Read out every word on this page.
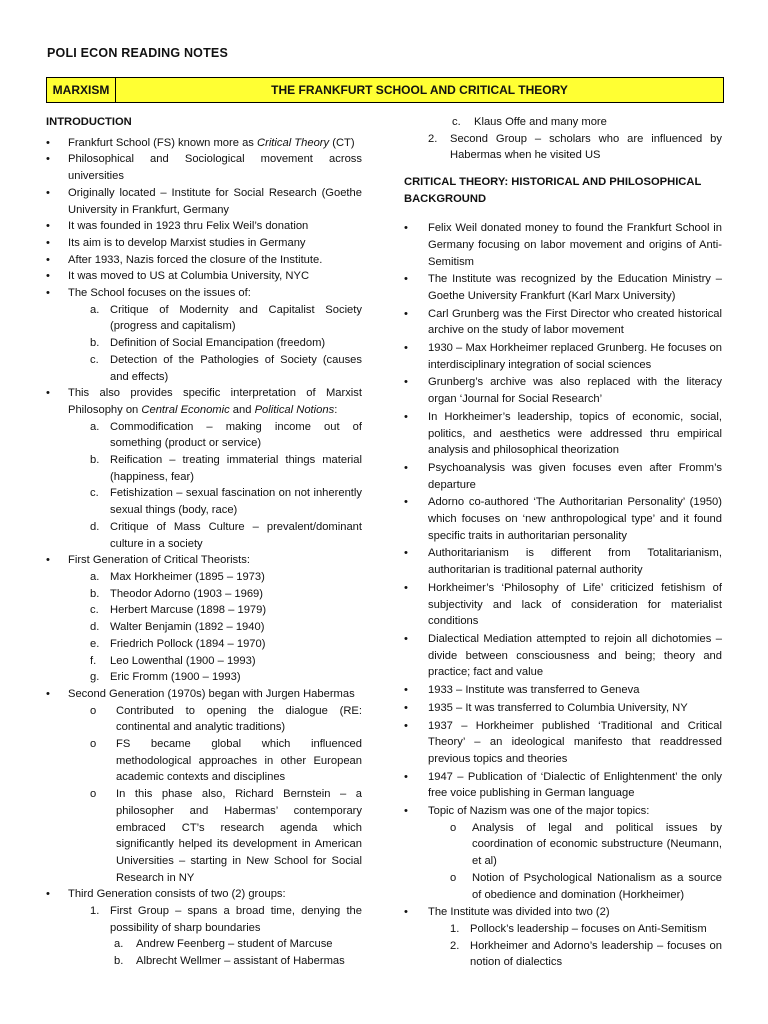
POLI ECON READING NOTES
MARXISM	THE FRANKFURT SCHOOL AND CRITICAL THEORY
INTRODUCTION
• Frankfurt School (FS) known more as Critical Theory (CT)
• Philosophical and Sociological movement across universities
• Originally located – Institute for Social Research (Goethe University in Frankfurt, Germany
• It was founded in 1923 thru Felix Weil’s donation
• Its aim is to develop Marxist studies in Germany
• After 1933, Nazis forced the closure of the Institute.
• It was moved to US at Columbia University, NYC
• The School focuses on the issues of:
a. Critique of Modernity and Capitalist Society (progress and capitalism)
b. Definition of Social Emancipation (freedom)
c. Detection of the Pathologies of Society (causes and effects)
• This also provides specific interpretation of Marxist Philosophy on Central Economic and Political Notions:
a. Commodification – making income out of something (product or service)
b. Reification – treating immaterial things material (happiness, fear)
c. Fetishization – sexual fascination on not inherently sexual things (body, race)
d. Critique of Mass Culture – prevalent/dominant culture in a society
• First Generation of Critical Theorists:
a. Max Horkheimer (1895 – 1973)
b. Theodor Adorno (1903 – 1969)
c. Herbert Marcuse (1898 – 1979)
d. Walter Benjamin (1892 – 1940)
e. Friedrich Pollock (1894 – 1970)
f. Leo Lowenthal (1900 – 1993)
g. Eric Fromm (1900 – 1993)
• Second Generation (1970s) began with Jurgen Habermas
o Contributed to opening the dialogue (RE: continental and analytic traditions)
o FS became global which influenced methodological approaches in other European academic contexts and disciplines
o In this phase also, Richard Bernstein – a philosopher and Habermas’ contemporary embraced CT’s research agenda which significantly helped its development in American Universities – starting in New School for Social Research in NY
• Third Generation consists of two (2) groups:
1. First Group – spans a broad time, denying the possibility of sharp boundaries
a. Andrew Feenberg – student of Marcuse
b. Albrecht Wellmer – assistant of Habermas
c. Klaus Offe and many more
2. Second Group – scholars who are influenced by Habermas when he visited US
CRITICAL THEORY: HISTORICAL AND PHILOSOPHICAL BACKGROUND
• Felix Weil donated money to found the Frankfurt School in Germany focusing on labor movement and origins of Anti-Semitism
• The Institute was recognized by the Education Ministry – Goethe University Frankfurt (Karl Marx University)
• Carl Grunberg was the First Director who created historical archive on the study of labor movement
• 1930 – Max Horkheimer replaced Grunberg. He focuses on interdisciplinary integration of social sciences
• Grunberg’s archive was also replaced with the literacy organ ‘Journal for Social Research’
• In Horkheimer’s leadership, topics of economic, social, politics, and aesthetics were addressed thru empirical analysis and philosophical theorization
• Psychoanalysis was given focuses even after Fromm’s departure
• Adorno co-authored ‘The Authoritarian Personality’ (1950) which focuses on ‘new anthropological type’ and it found specific traits in authoritarian personality
• Authoritarianism is different from Totalitarianism, authoritarian is traditional paternal authority
• Horkheimer’s ‘Philosophy of Life’ criticized fetishism of subjectivity and lack of consideration for materialist conditions
• Dialectical Mediation attempted to rejoin all dichotomies – divide between consciousness and being; theory and practice; fact and value
• 1933 – Institute was transferred to Geneva
• 1935 – It was transferred to Columbia University, NY
• 1937 – Horkheimer published ‘Traditional and Critical Theory’ – an ideological manifesto that readdressed previous topics and theories
• 1947 – Publication of ‘Dialectic of Enlightenment’ the only free voice publishing in German language
• Topic of Nazism was one of the major topics:
o Analysis of legal and political issues by coordination of economic substructure (Neumann, et al)
o Notion of Psychological Nationalism as a source of obedience and domination (Horkheimer)
• The Institute was divided into two (2)
1. Pollock’s leadership – focuses on Anti-Semitism
2. Horkheimer and Adorno’s leadership – focuses on notion of dialectics
